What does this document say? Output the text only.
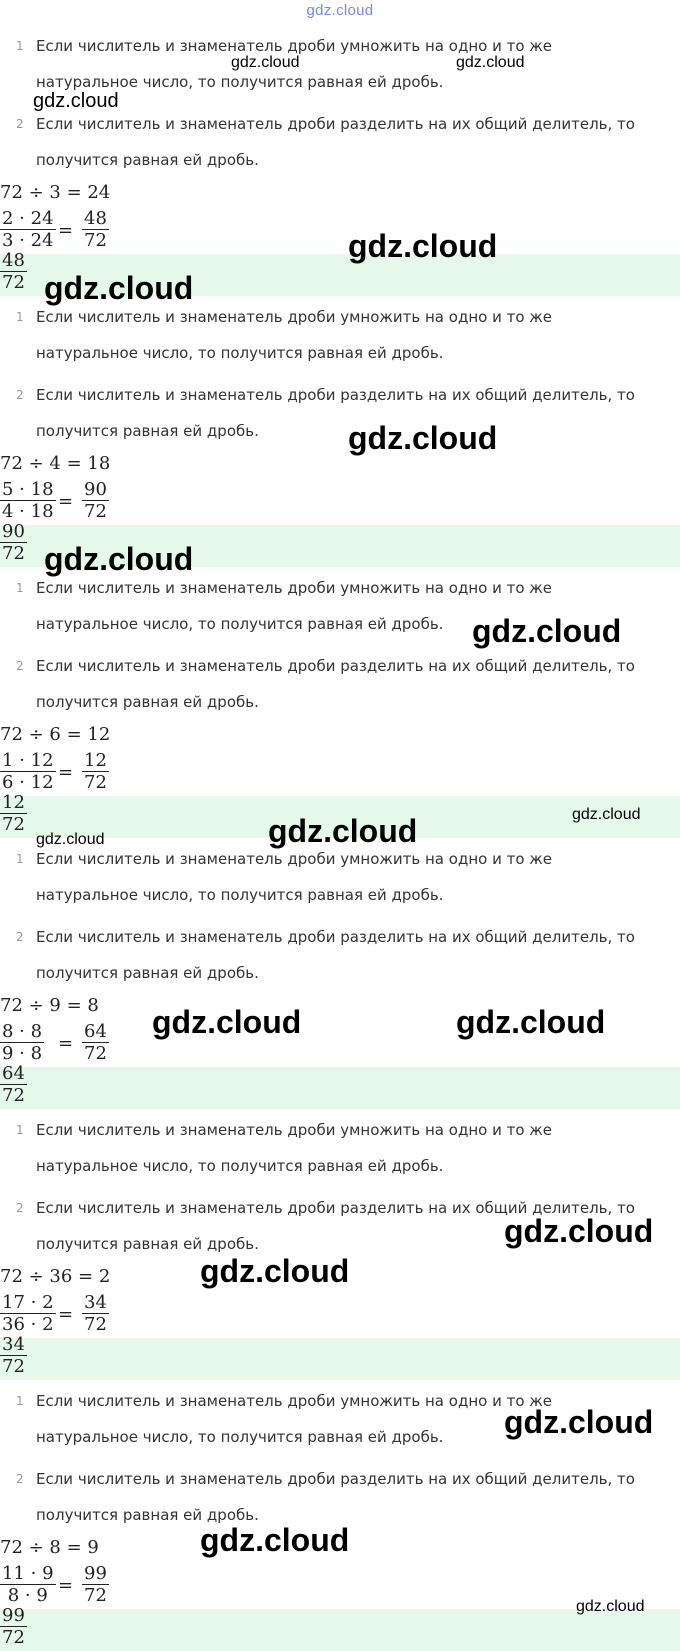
gdz.cloud
1 Если числитель и знаменатель дроби умножить на одно и то же
натуральное число, то получится равная ей дробь.
2 Если числитель и знаменатель дроби разделить на их общий делитель, то
получится равная ей дробь.
72 ÷ 3 = 24
$\frac{2 \cdot 24}{3 \cdot 24} = \frac{48}{72}$
$\frac{48}{72}$
1 Если числитель и знаменатель дроби умножить на одно и то же
натуральное число, то получится равная ей дробь.
2 Если числитель и знаменатель дроби разделить на их общий делитель, то
получится равная ей дробь.
72 ÷ 4 = 18
$\frac{5 \cdot 18}{4 \cdot 18} = \frac{90}{72}$
$\frac{90}{72}$
1 Если числитель и знаменатель дроби умножить на одно и то же
натуральное число, то получится равная ей дробь.
2 Если числитель и знаменатель дроби разделить на их общий делитель, то
получится равная ей дробь.
72 ÷ 6 = 12
$\frac{1 \cdot 12}{6 \cdot 12} = \frac{12}{72}$
$\frac{12}{72}$
1 Если числитель и знаменатель дроби умножить на одно и то же
натуральное число, то получится равная ей дробь.
2 Если числитель и знаменатель дроби разделить на их общий делитель, то
получится равная ей дробь.
72 ÷ 9 = 8
$\frac{8 \cdot 8}{9 \cdot 8} = \frac{64}{72}$
$\frac{64}{72}$
1 Если числитель и знаменатель дроби умножить на одно и то же
натуральное число, то получится равная ей дробь.
2 Если числитель и знаменатель дроби разделить на их общий делитель, то
получится равная ей дробь.
72 ÷ 36 = 2
$\frac{17 \cdot 2}{36 \cdot 2} = \frac{34}{72}$
$\frac{34}{72}$
1 Если числитель и знаменатель дроби умножить на одно и то же
натуральное число, то получится равная ей дробь.
2 Если числитель и знаменатель дроби разделить на их общий делитель, то
получится равная ей дробь.
72 ÷ 8 = 9
$\frac{11 \cdot 9}{8 \cdot 9} = \frac{99}{72}$
$\frac{99}{72}$
gdz.cloud	gdz.cloud
gdz.cloud
gdz.cloud
gdz.cloud
gdz.cloud
gdz.cloud
gdz.cloud
gdz.cloud
gdz.cloud
gdz.cloud
gdz.cloud	gdz.cloud
gdz.cloud
gdz.cloud
gdz.cloud
gdz.cloud
gdz.cloud
